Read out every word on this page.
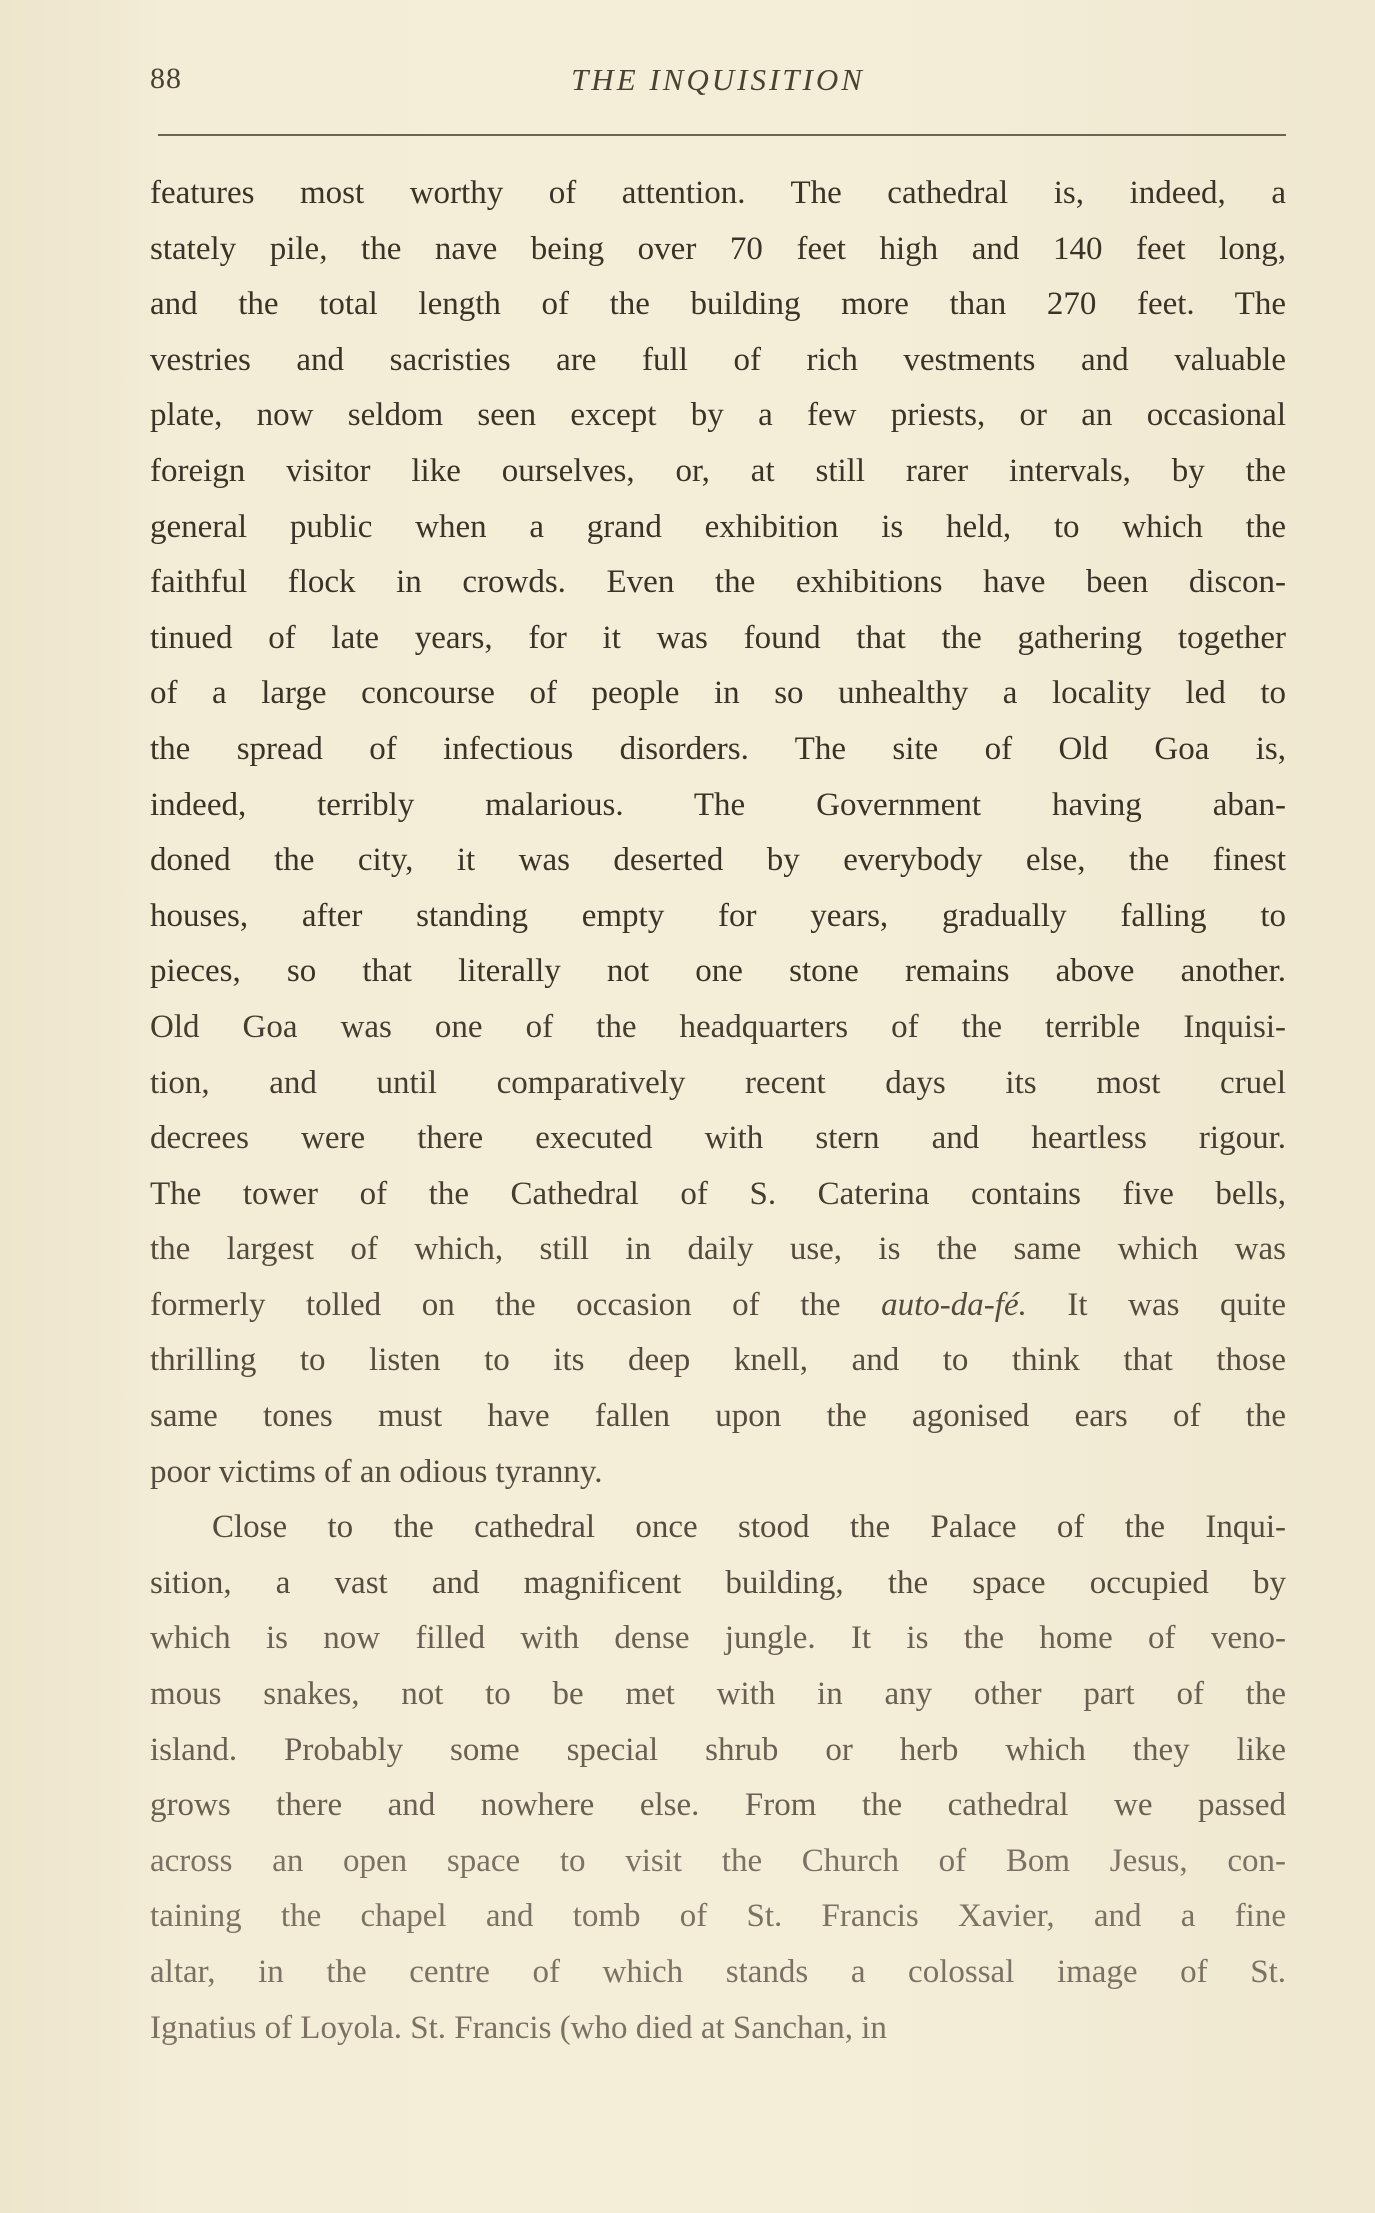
88	THE INQUISITION
features most worthy of attention. The cathedral is, indeed, a
stately pile, the nave being over 70 feet high and 140 feet long,
and the total length of the building more than 270 feet. The
vestries and sacristies are full of rich vestments and valuable
plate, now seldom seen except by a few priests, or an occasional
foreign visitor like ourselves, or, at still rarer intervals, by the
general public when a grand exhibition is held, to which the
faithful flock in crowds. Even the exhibitions have been discon-
tinued of late years, for it was found that the gathering together
of a large concourse of people in so unhealthy a locality led to
the spread of infectious disorders. The site of Old Goa is,
indeed, terribly malarious. The Government having aban-
doned the city, it was deserted by everybody else, the finest
houses, after standing empty for years, gradually falling to
pieces, so that literally not one stone remains above another.
Old Goa was one of the headquarters of the terrible Inquisi-
tion, and until comparatively recent days its most cruel
decrees were there executed with stern and heartless rigour.
The tower of the Cathedral of S. Caterina contains five bells,
the largest of which, still in daily use, is the same which was
formerly tolled on the occasion of the auto-da-fé. It was quite
thrilling to listen to its deep knell, and to think that those
same tones must have fallen upon the agonised ears of the
poor victims of an odious tyranny.
Close to the cathedral once stood the Palace of the Inqui-
sition, a vast and magnificent building, the space occupied by
which is now filled with dense jungle. It is the home of veno-
mous snakes, not to be met with in any other part of the
island. Probably some special shrub or herb which they like
grows there and nowhere else. From the cathedral we passed
across an open space to visit the Church of Bom Jesus, con-
taining the chapel and tomb of St. Francis Xavier, and a fine
altar, in the centre of which stands a colossal image of St.
Ignatius of Loyola. St. Francis (who died at Sanchan, in
